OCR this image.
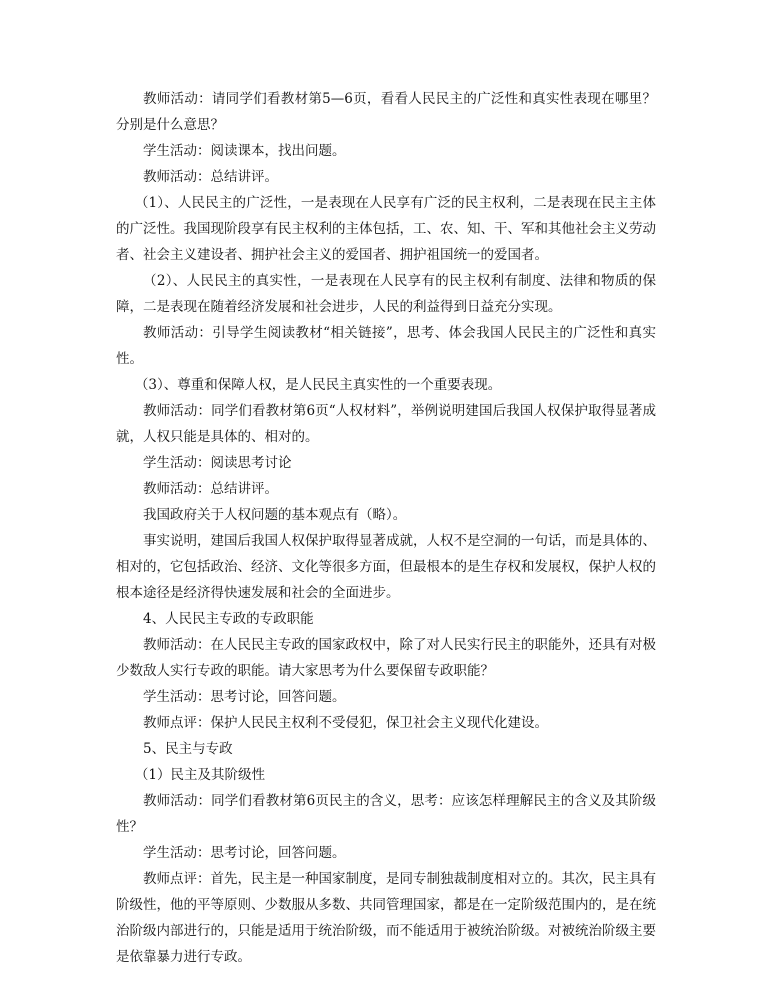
教师活动：请同学们看教材第5—6页，看看人民民主的广泛性和真实性表现在哪里？分别是什么意思？

学生活动：阅读课本，找出问题。

教师活动：总结讲评。

（1）、人民民主的广泛性，一是表现在人民享有广泛的民主权利，二是表现在民主主体的广泛性。我国现阶段享有民主权利的主体包括，工、农、知、干、军和其他社会主义劳动者、社会主义建设者、拥护社会主义的爱国者、拥护祖国统一的爱国者。

（2）、人民民主的真实性，一是表现在人民享有的民主权利有制度、法律和物质的保障，二是表现在随着经济发展和社会进步，人民的利益得到日益充分实现。

教师活动：引导学生阅读教材“相关链接”，思考、体会我国人民民主的广泛性和真实性。

（3）、尊重和保障人权，是人民民主真实性的一个重要表现。

教师活动：同学们看教材第6页“人权材料”，举例说明建国后我国人权保护取得显著成就，人权只能是具体的、相对的。

学生活动：阅读思考讨论

教师活动：总结讲评。

我国政府关于人权问题的基本观点有（略）。

事实说明，建国后我国人权保护取得显著成就，人权不是空洞的一句话，而是具体的、相对的，它包括政治、经济、文化等很多方面，但最根本的是生存权和发展权，保护人权的根本途径是经济得快速发展和社会的全面进步。

4、人民民主专政的专政职能

教师活动：在人民民主专政的国家政权中，除了对人民实行民主的职能外，还具有对极少数敌人实行专政的职能。请大家思考为什么要保留专政职能？

学生活动：思考讨论，回答问题。

教师点评：保护人民民主权利不受侵犯，保卫社会主义现代化建设。

5、民主与专政

（1）民主及其阶级性

教师活动：同学们看教材第6页民主的含义，思考：应该怎样理解民主的含义及其阶级性？

学生活动：思考讨论，回答问题。

教师点评：首先，民主是一种国家制度，是同专制独裁制度相对立的。其次，民主具有阶级性，他的平等原则、少数服从多数、共同管理国家，都是在一定阶级范围内的，是在统治阶级内部进行的，只能是适用于统治阶级，而不能适用于被统治阶级。对被统治阶级主要是依靠暴力进行专政。
